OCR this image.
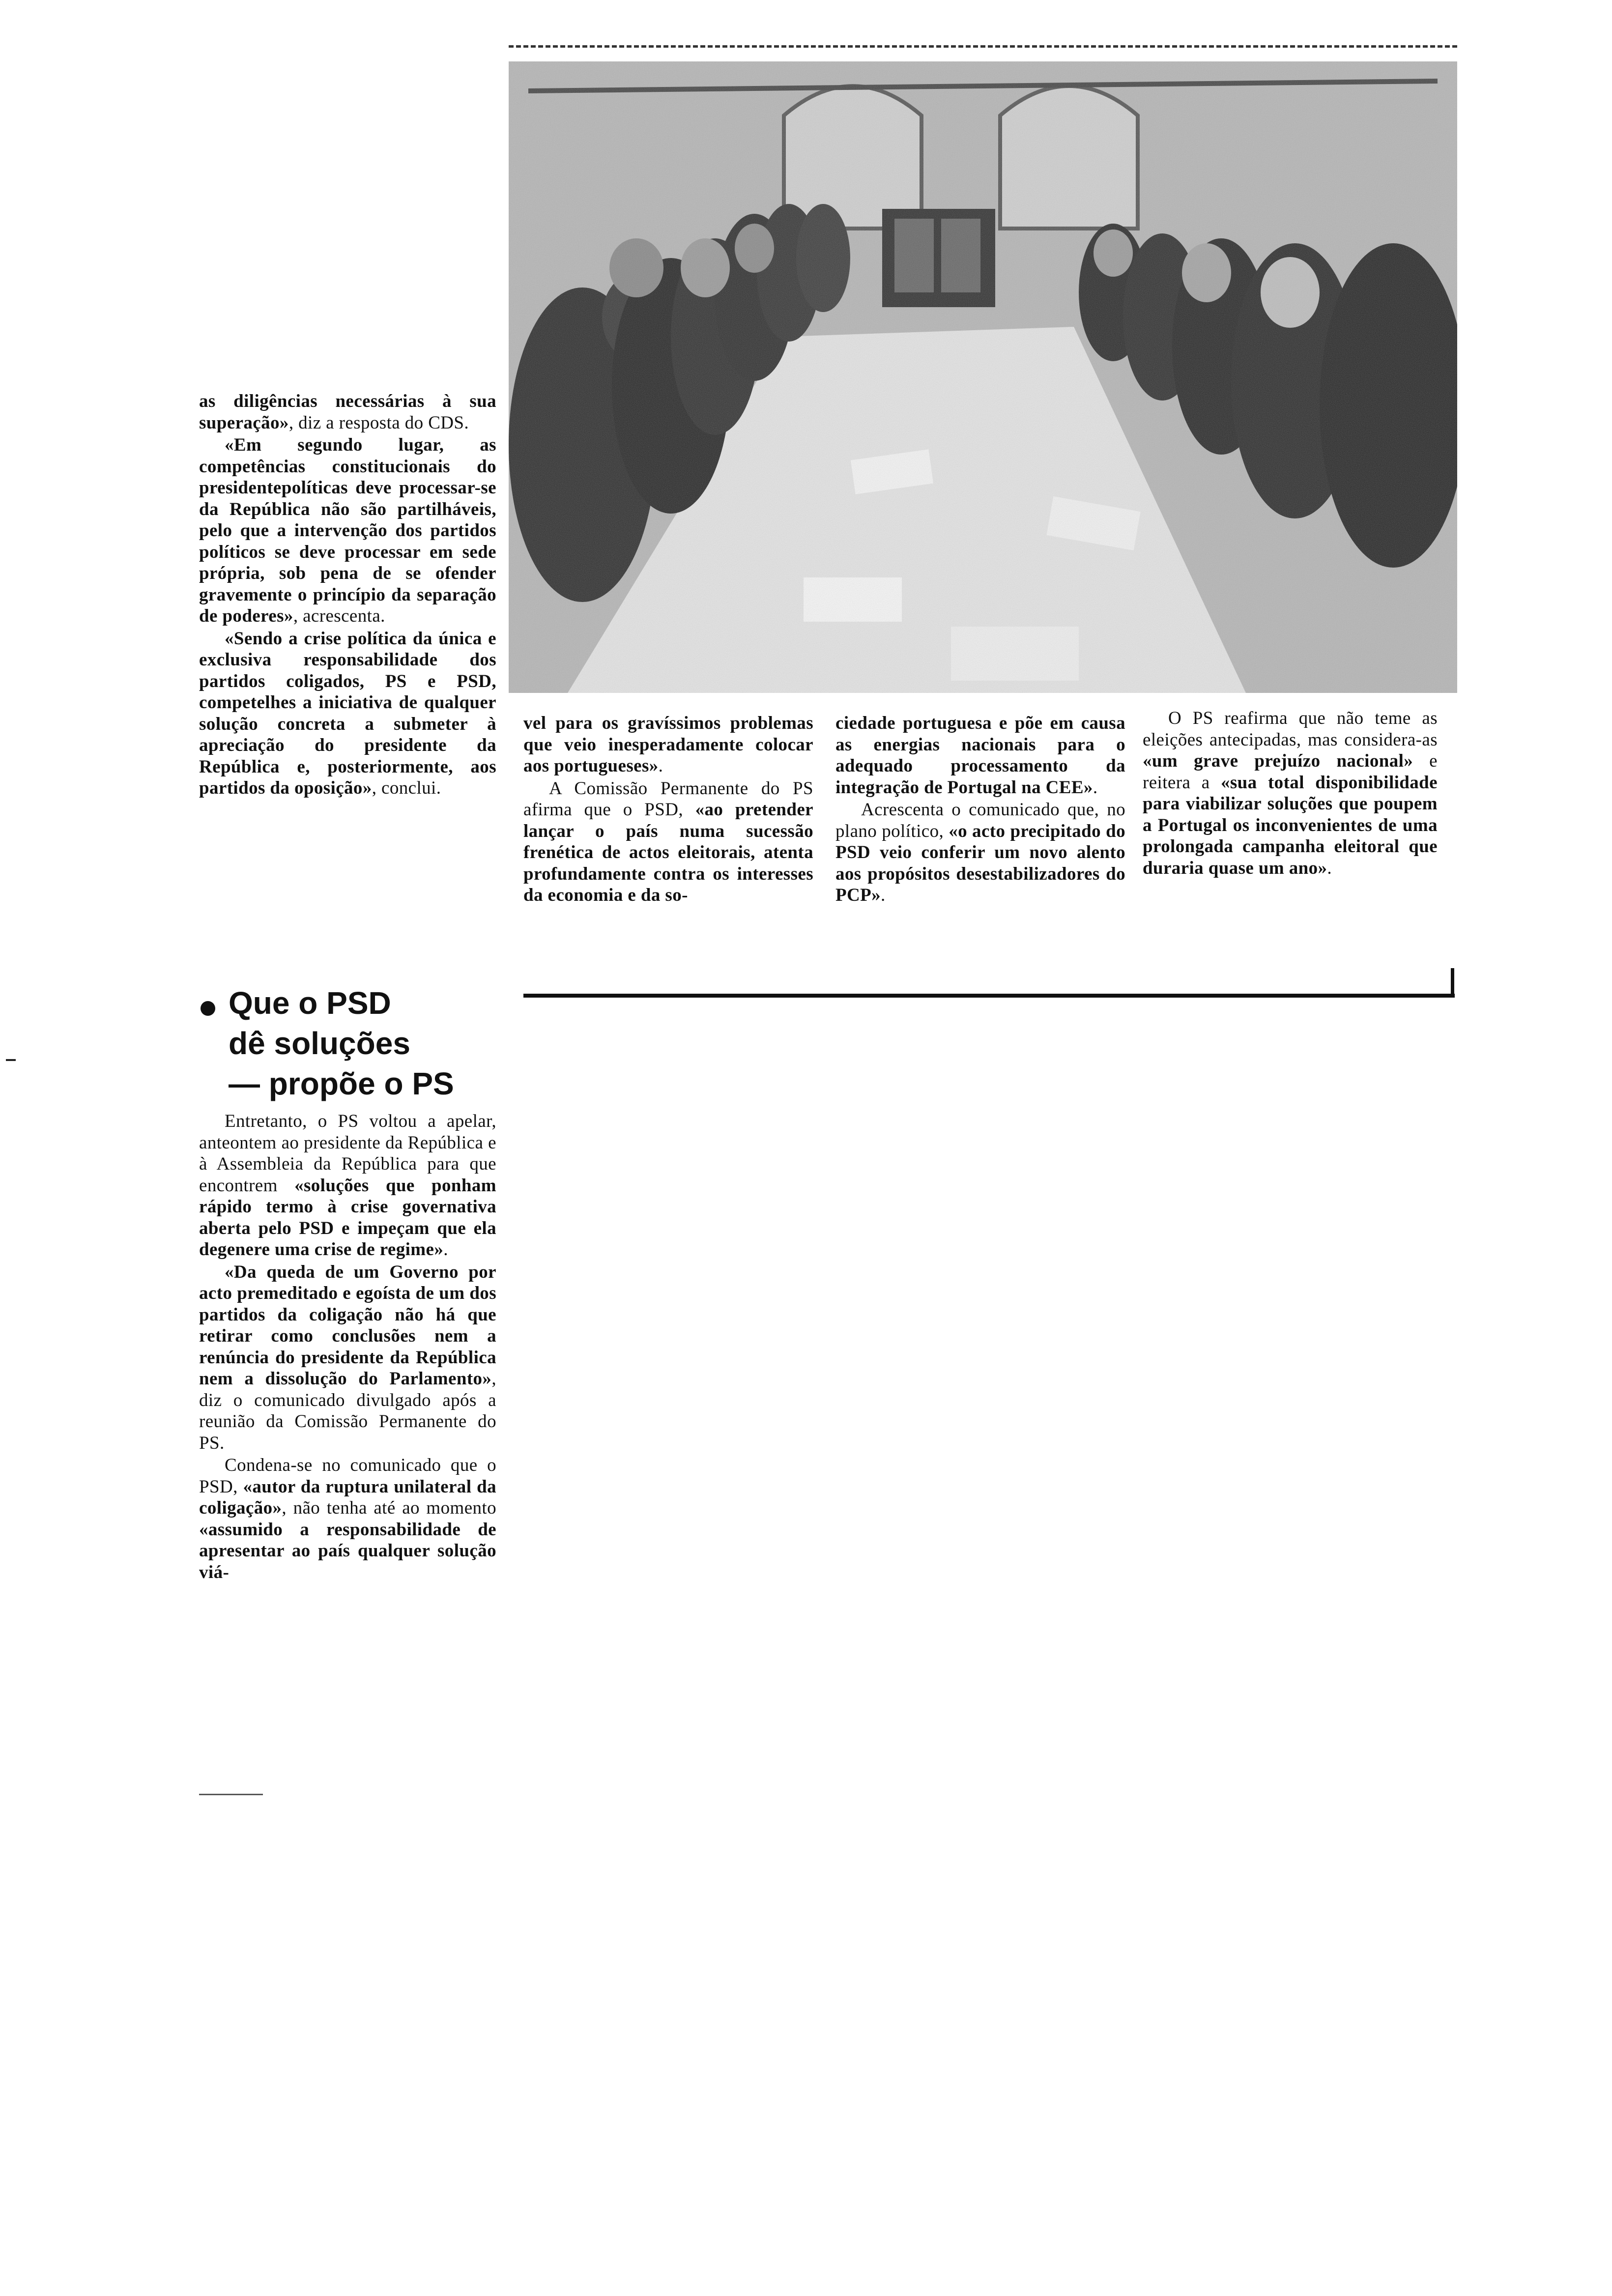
as diligências necessárias à sua superação», diz a resposta do CDS.

«Em segundo lugar, as competências constitucionais do presidentepolíticas deve processar-se da República não são partilháveis, pelo que a intervenção dos partidos políticos se deve processar em sede própria, sob pena de se ofender gravemente o princípio da separação de poderes», acrescenta.

«Sendo a crise política da única e exclusiva responsabilidade dos partidos coligados, PS e PSD, competelhes a iniciativa de qualquer solução concreta a submeter à apreciação do presidente da República e, posteriormente, aos partidos da oposição», conclui.

Que o PSD
dê soluções
— propõe o PS

Entretanto, o PS voltou a apelar, anteontem ao presidente da República e à Assembleia da República para que encontrem «soluções que ponham rápido termo à crise governativa aberta pelo PSD e impeçam que ela degenere uma crise de regime».

«Da queda de um Governo por acto premeditado e egoísta de um dos partidos da coligação não há que retirar como conclusões nem a renúncia do presidente da República nem a dissolução do Parlamento», diz o comunicado divulgado após a reunião da Comissão Permanente do PS.

Condena-se no comunicado que o PSD, «autor da ruptura unilateral da coligação», não tenha até ao momento «assumido a responsabilidade de apresentar ao país qualquer solução viá-

vel para os gravíssimos problemas que veio inesperadamente colocar aos portugueses».

A Comissão Permanente do PS afirma que o PSD, «ao pretender lançar o país numa sucessão frenética de actos eleitorais, atenta profundamente contra os interesses da economia e da so-

ciedade portuguesa e põe em causa as energias nacionais para o adequado processamento da integração de Portugal na CEE».

Acrescenta o comunicado que, no plano político, «o acto precipitado do PSD veio conferir um novo alento aos propósitos desestabilizadores do PCP».

O PS reafirma que não teme as eleições antecipadas, mas considera-as «um grave prejuízo nacional» e reitera a «sua total disponibilidade para viabilizar soluções que poupem a Portugal os inconvenientes de uma prolongada campanha eleitoral que duraria quase um ano».
